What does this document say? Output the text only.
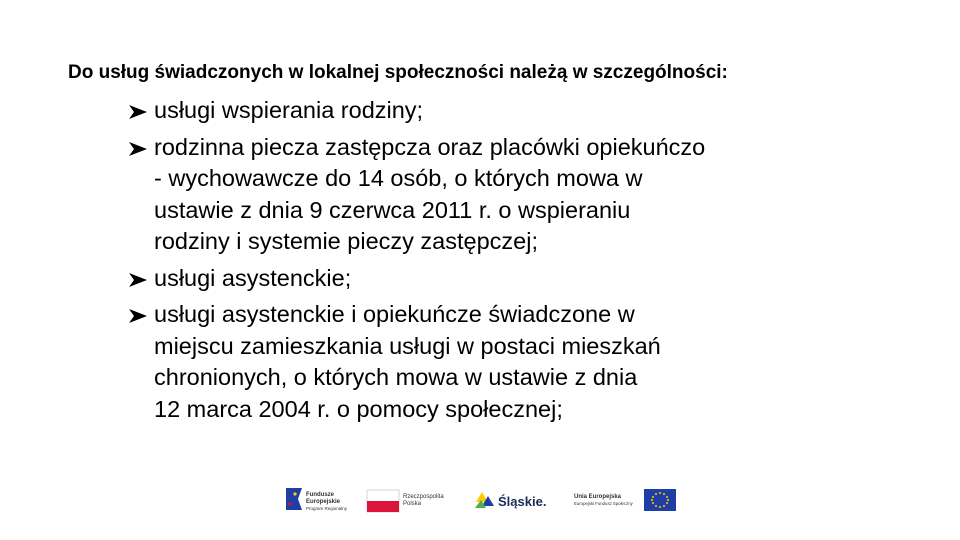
Do usług świadczonych w lokalnej społeczności należą w szczególności:
usługi wspierania rodziny;
rodzinna piecza zastępcza oraz placówki opiekuńczo
- wychowawcze do 14 osób, o których mowa w
ustawie z dnia 9 czerwca 2011 r. o wspieraniu
rodziny i systemie pieczy zastępczej;
usługi asystenckie;
usługi asystenckie i opiekuńcze świadczone w
miejscu zamieszkania usługi w postaci mieszkań
chronionych, o których mowa w ustawie z dnia
12 marca 2004 r. o pomocy społecznej;
Fundusze
Europejskie
Program Regionalny
Rzeczpospolita
Polska	Śląskie.	Unia Europejska
Europejski Fundusz Społeczny
